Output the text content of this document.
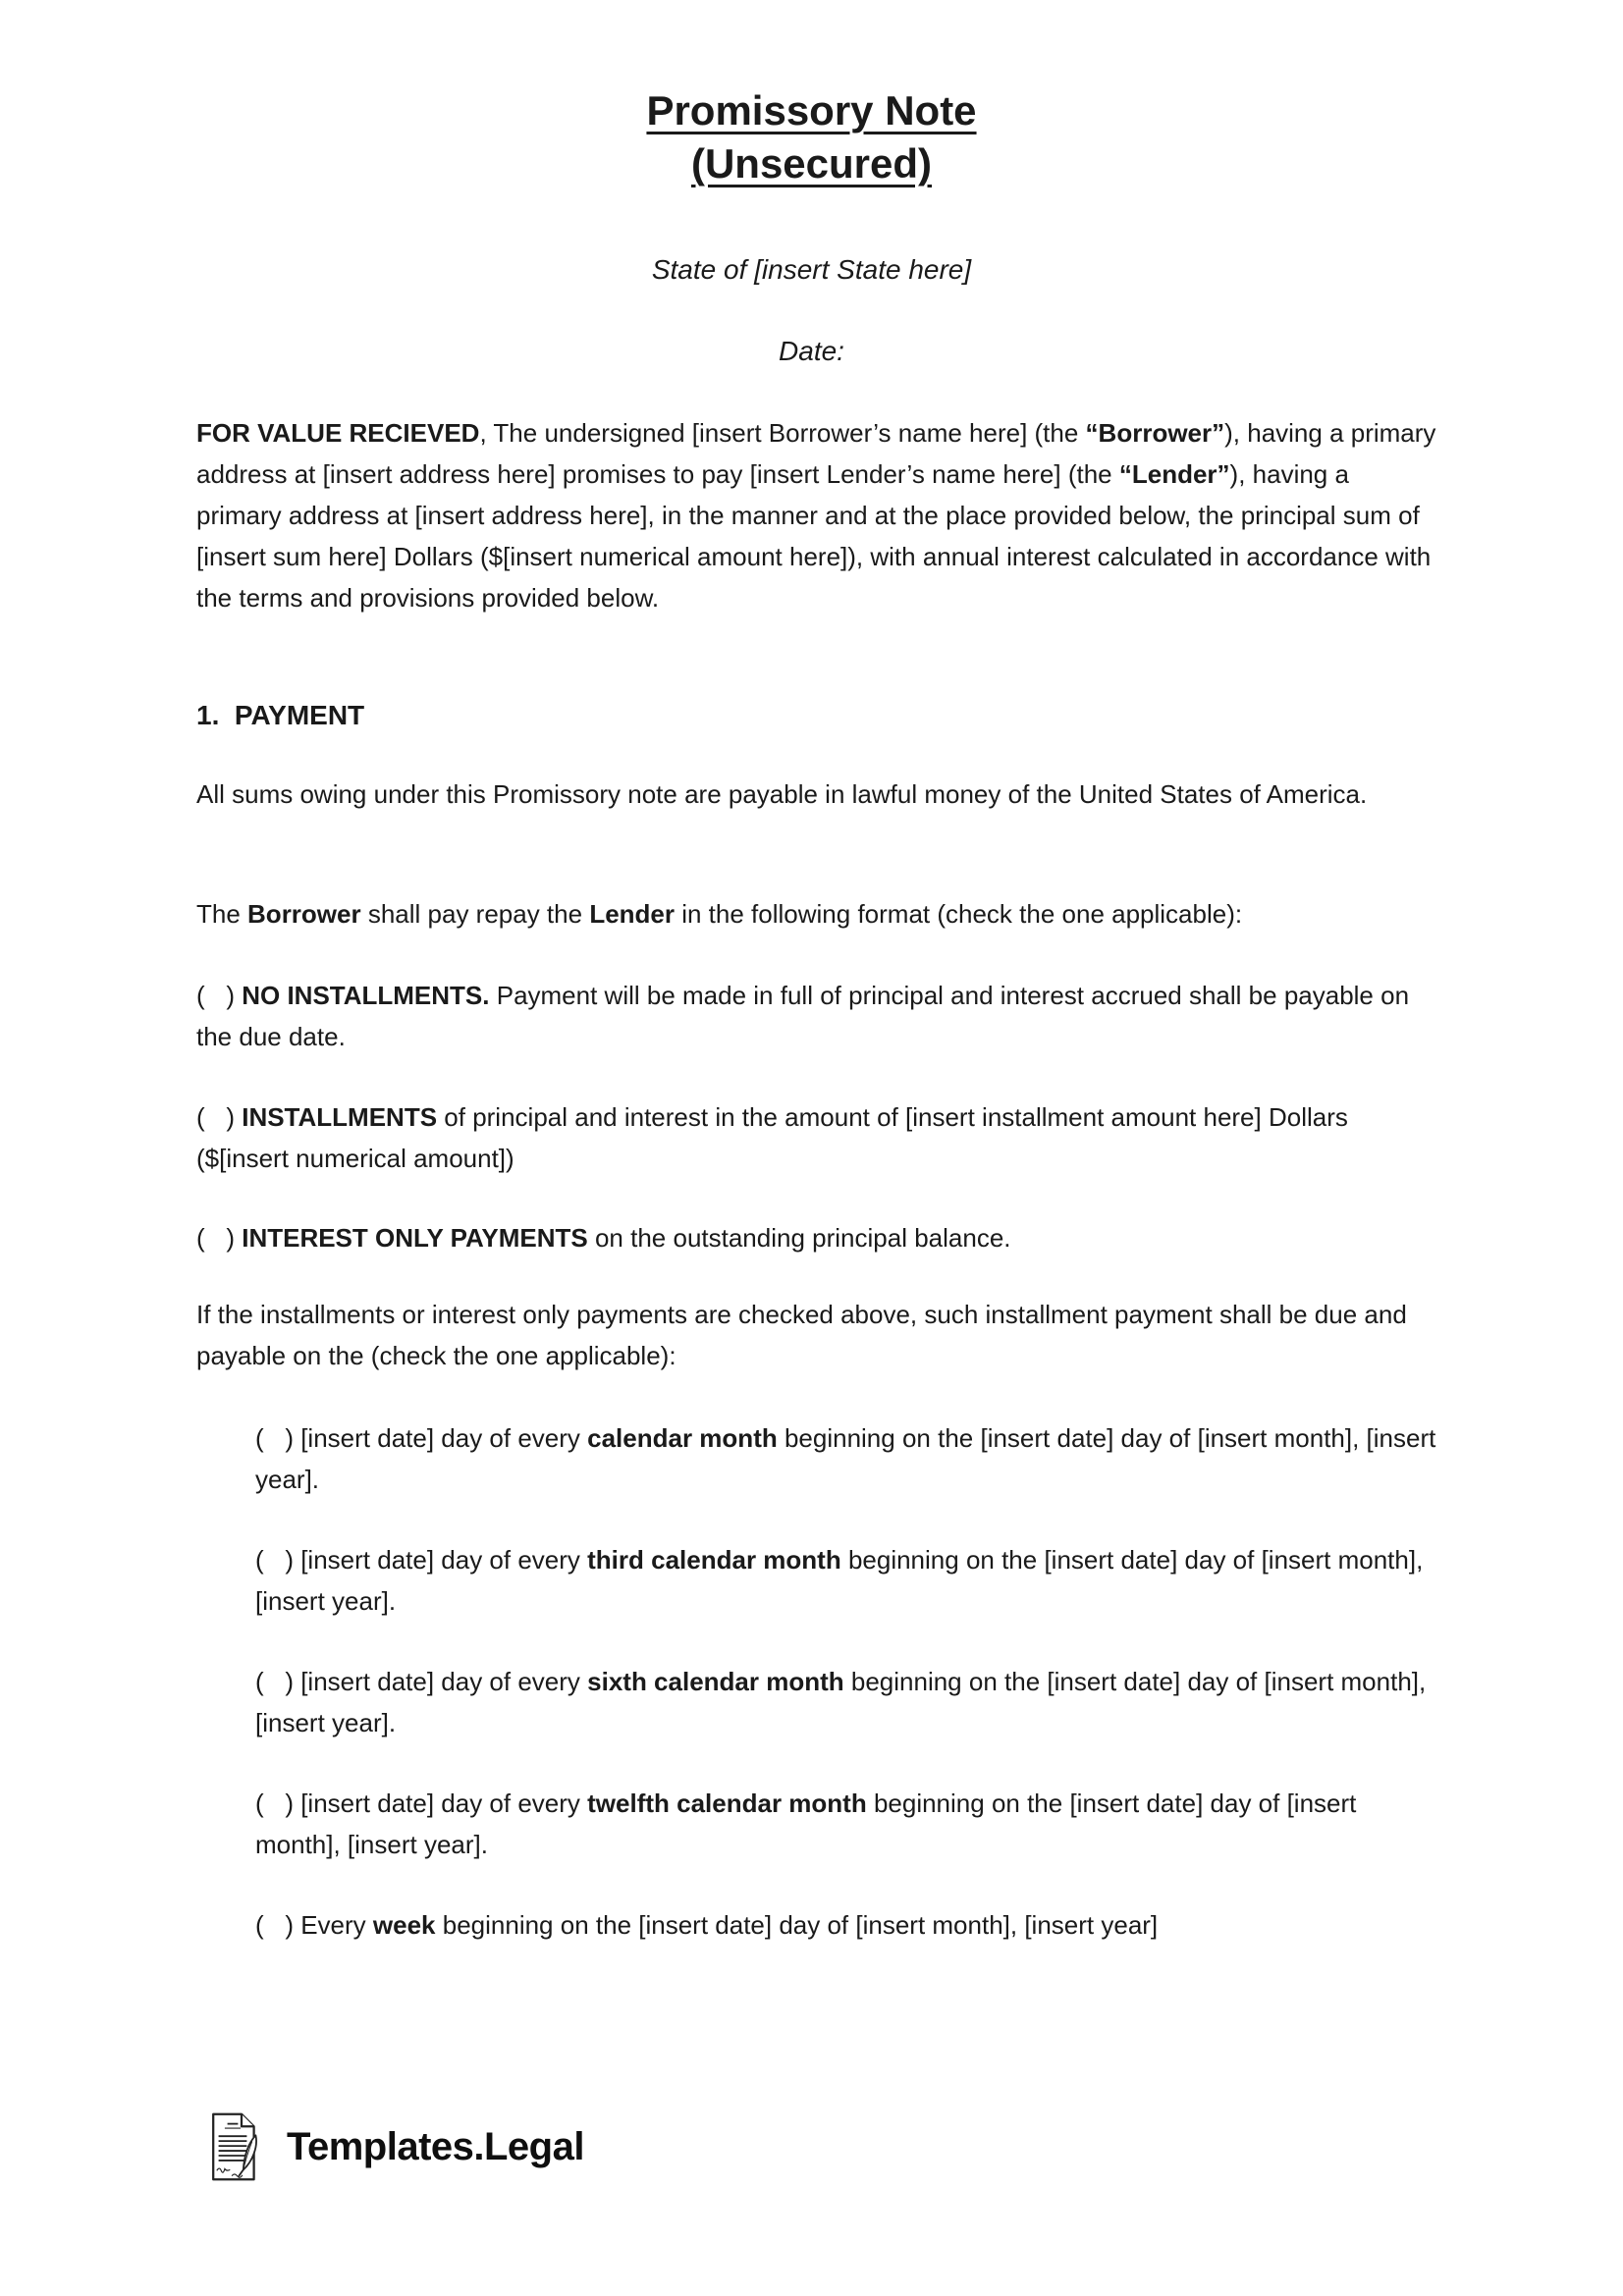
Promissory Note
(Unsecured)
State of [insert State here]
Date:

FOR VALUE RECIEVED, The undersigned [insert Borrower’s name here] (the “Borrower”), having a primary address at [insert address here] promises to pay [insert Lender’s name here] (the “Lender”), having a primary address at [insert address here], in the manner and at the place provided below, the principal sum of [insert sum here] Dollars ($[insert numerical amount here]), with annual interest calculated in accordance with the terms and provisions provided below.

1.  PAYMENT

All sums owing under this Promissory note are payable in lawful money of the United States of America.

The Borrower shall pay repay the Lender in the following format (check the one applicable):

(   ) NO INSTALLMENTS. Payment will be made in full of principal and interest accrued shall be payable on the due date.

(   ) INSTALLMENTS of principal and interest in the amount of [insert installment amount here] Dollars ($[insert numerical amount])

(   ) INTEREST ONLY PAYMENTS on the outstanding principal balance.

If the installments or interest only payments are checked above, such installment payment shall be due and payable on the (check the one applicable):

(   ) [insert date] day of every calendar month beginning on the [insert date] day of [insert month], [insert year].

(   ) [insert date] day of every third calendar month beginning on the [insert date] day of [insert month], [insert year].

(   ) [insert date] day of every sixth calendar month beginning on the [insert date] day of [insert month], [insert year].

(   ) [insert date] day of every twelfth calendar month beginning on the [insert date] day of [insert month], [insert year].

(   ) Every week beginning on the [insert date] day of [insert month], [insert year]

Templates.Legal
